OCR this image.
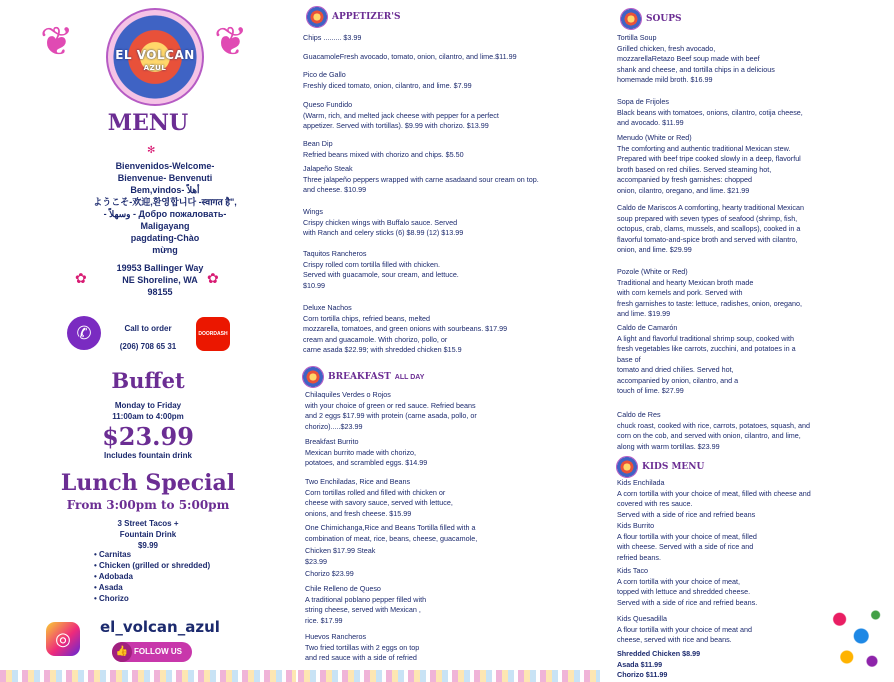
❦	❦
EL VOLCAN
AZUL
MENU
✻
Bienvenidos-Welcome-
Bienvenue- Benvenuti
Bem,vindos- أهلاً
ようこそ-欢迎,환영합니다 -स्वागत है",
- وسهلاً - Добро пожаловать-Maligayang
pagdating-Chào
mừng
✿	✿
19953 Ballinger Way
NE Shoreline, WA
98155
✆	Call to order
(206) 708 65 31
DOORDASH
Buffet
Monday to Friday
11:00am to 4:00pm
$23.99
Includes fountain drink
Lunch Special
From 3:00pm to 5:00pm
3 Street Tacos +
Fountain Drink
$9.99
• Carnitas
• Chicken (grilled or shredded)
• Adobada
• Asada
• Chorizo
◎
el_volcan_azul
👍 FOLLOW US
APPETIZER'S
Chips ......... $3.99
GuacamoleFresh avocado, tomato, onion, cilantro, and lime.$11.99
Pico de Gallo
Freshly diced tomato, onion, cilantro, and lime. $7.99
Queso Fundido
(Warm, rich, and melted jack cheese with pepper for a perfect
appetizer. Served with tortillas). $9.99 with chorizo. $13.99
Bean Dip
Refried beans mixed with chorizo and chips. $5.50
Jalapeño Steak
Three jalapeño peppers wrapped with carne asadaand sour cream on top.
and cheese. $10.99
Wings
Crispy chicken wings with Buffalo sauce. Served
with Ranch and celery sticks (6) $8.99 (12) $13.99
Taquitos Rancheros
Crispy rolled corn tortilla filled with chicken.
Served with guacamole, sour cream, and lettuce.
$10.99
Deluxe Nachos
Corn tortilla chips, refried beans, melted
mozzarella, tomatoes, and green onions with sourbeans. $17.99
cream and guacamole. With chorizo, pollo, or
carne asada $22.99; with shredded chicken $15.9
BREAKFAST ALL DAY
Chilaquiles Verdes o Rojos
with your choice of green or red sauce. Refried beans
and 2 eggs $17.99 with protein (carne asada, pollo, or
chorizo).....$23.99
Breakfast Burrito
Mexican burrito made with chorizo,
potatoes, and scrambled eggs. $14.99
Two Enchiladas, Rice and Beans
Corn tortillas rolled and filled with chicken or
cheese with savory sauce, served with lettuce,
onions, and fresh cheese. $15.99
One Chimichanga,Rice and Beans Tortilla filled with a
combination of meat, rice, beans, cheese, guacamole,
Chicken $17.99 Steak
$23.99
Chorizo $23.99
Chile Relleno de Queso
A traditional poblano pepper filled with
string cheese, served with Mexican ,
rice. $17.99
Huevos Rancheros
Two fried tortillas with 2 eggs on top
and red sauce with a side of refried
SOUPS
Tortilla Soup
Grilled chicken, fresh avocado,
mozzarellaRetazo Beef soup made with beef
shank and cheese, and tortilla chips in a delicious
homemade mild broth. $16.99
Sopa de Frijoles
Black beans with tomatoes, onions, cilantro, cotija cheese,
and avocado. $11.99
Menudo (White or Red)
The comforting and authentic traditional Mexican stew.
Prepared with beef tripe cooked slowly in a deep, flavorful
broth based on red chilies. Served steaming hot,
accompanied by fresh garnishes: chopped
onion, cilantro, oregano, and lime. $21.99
Caldo de Mariscos A comforting, hearty traditional Mexican
soup prepared with seven types of seafood (shrimp, fish,
octopus, crab, clams, mussels, and scallops), cooked in a
flavorful tomato-and-spice broth and served with cilantro,
onion, and lime. $29.99
Pozole (White or Red)
Traditional and hearty Mexican broth made
with corn kernels and pork. Served with
fresh garnishes to taste: lettuce, radishes, onion, oregano,
and lime. $19.99
Caldo de Camarón
A light and flavorful traditional shrimp soup, cooked with
fresh vegetables like carrots, zucchini, and potatoes in a
base of
tomato and dried chilies. Served hot,
accompanied by onion, cilantro, and a
touch of lime. $27.99
Caldo de Res
chuck roast, cooked with rice, carrots, potatoes, squash, and
corn on the cob, and served with onion, cilantro, and lime,
along with warm tortillas. $23.99
KIDS MENU
Kids Enchilada
A corn tortilla with your choice of meat, filled with cheese and
covered with res sauce.
Served with a side of rice and refried beans
Kids Burrito
A flour tortilla with your choice of meat, filled
with cheese. Served with a side of rice and
refried beans.
Kids Taco
A corn tortilla with your choice of meat,
topped with lettuce and shredded cheese.
Served with a side of rice and refried beans.
Kids Quesadilla
A flour tortilla with your choice of meat and
cheese, served with rice and beans.
Shredded Chicken $8.99
Asada $11.99
Chorizo $11.99
